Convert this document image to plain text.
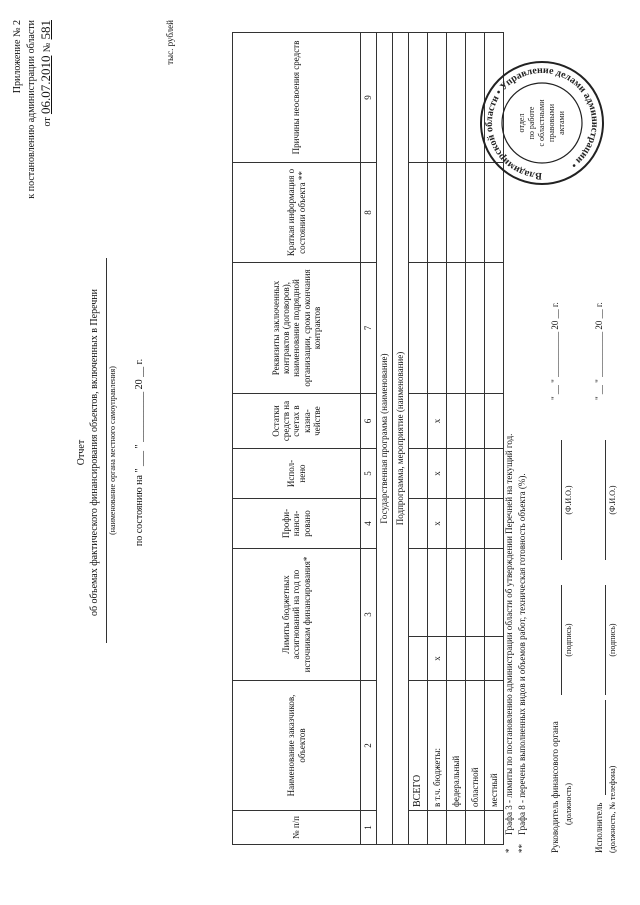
Приложение № 2 к постановлению администрации области от 06.07.2010 № 581
Отчет об объемах фактического финансирования объектов, включенных в Перечни (наименование органа местного самоуправления) по состоянию на " ___ " __________ 20 __ г.
тыс. рублей
№ п/п	Наименование заказчиков, объектов	Лимиты бюджетных ассигнований на год по источникам финансирования*		Профи- нанси- ровано	Испол- нено	Остатки средств на счетах в казна- чействе	Реквизиты заключенных контрактов (договоров), наименование подрядной организации, сроки окончания контрактов	Краткая информация о состоянии объекта **	Причины неосвоения средств
1	2	3		4	5	6	7	8	9
Государственная программа (наименование)									
Подпрограмма, мероприятие (наименование)									
	ВСЕГО								
	в т.ч. бюджеты:	х		х	х	х			
	федеральный								
	областной								
	местный								
*Графа 3 - лимиты по постановлению администрации области об утверждении Перечней на текущий год.
**Графа 8 - перечень выполненных видов и объемов работ, техническая готовность объекта (%).	Руководитель финансового органа
" __ " __________ 20 __ г.
(должность)
(подпись)
(Ф.И.О.)
Исполнитель
" __ " __________ 20 __ г.
(должность, № телефона)
(подпись)
(Ф.И.О.)
Владимирской области • Управление делами администрации •
отдел по работе с областными правовыми актами
